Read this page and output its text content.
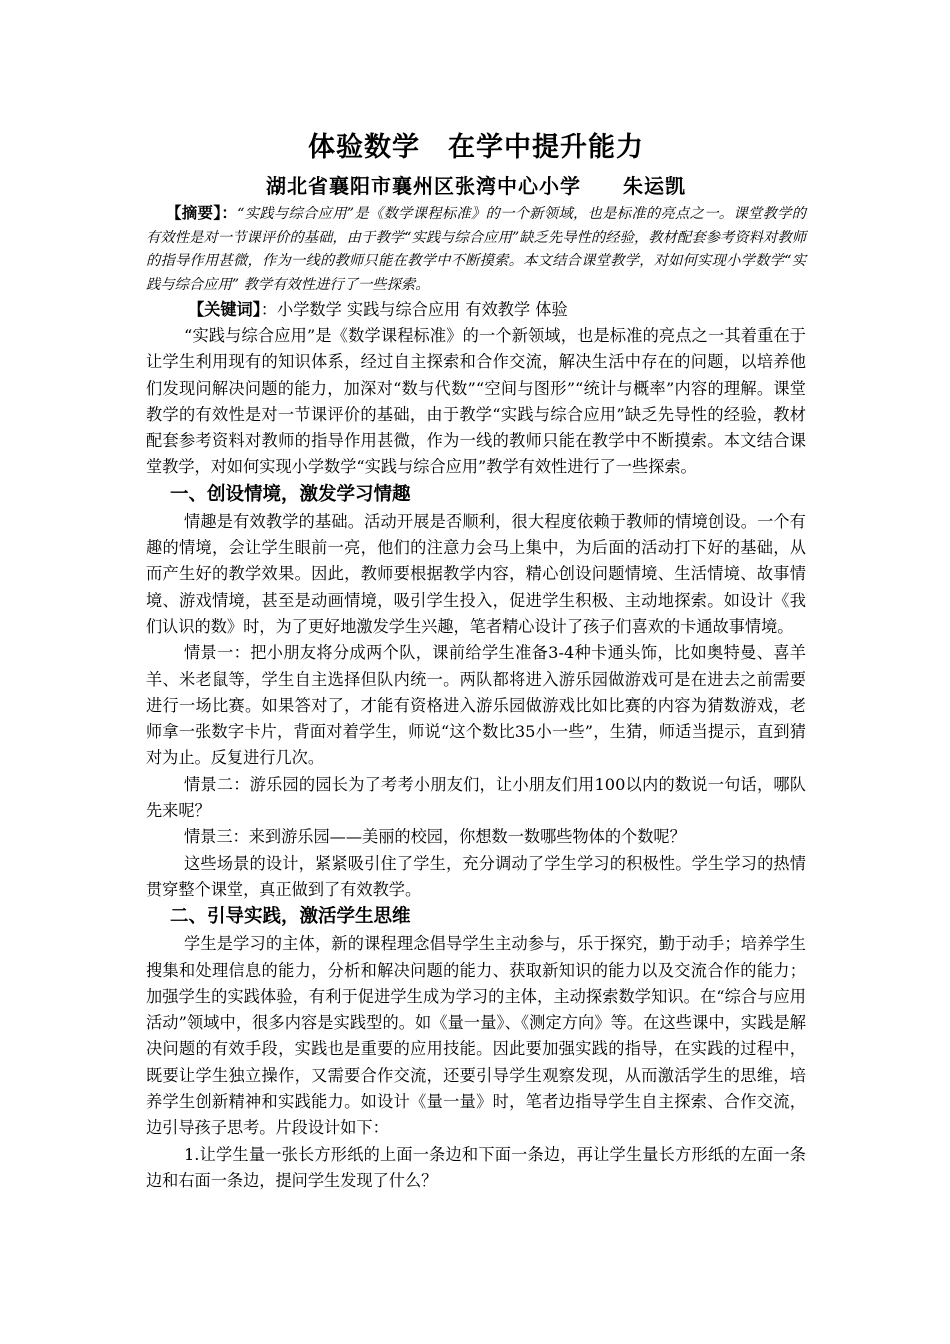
体验数学　在学中提升能力
湖北省襄阳市襄州区张湾中心小学　　朱运凯

【摘要】：“实践与综合应用”是《数学课程标准》的一个新领域，也是标准的亮点之一。课堂教学的有效性是对一节课评价的基础，由于教学“实践与综合应用”缺乏先导性的经验，教材配套参考资料对教师的指导作用甚微，作为一线的教师只能在教学中不断摸索。本文结合课堂教学，对如何实现小学数学“实践与综合应用” 教学有效性进行了一些探索。

【关键词】：小学数学 实践与综合应用 有效教学 体验

“实践与综合应用”是《数学课程标准》的一个新领域，也是标准的亮点之一其着重在于让学生利用现有的知识体系，经过自主探索和合作交流，解决生活中存在的问题，以培养他们发现问解决问题的能力，加深对“数与代数”“空间与图形”“统计与概率”内容的理解。课堂教学的有效性是对一节课评价的基础，由于教学“实践与综合应用”缺乏先导性的经验，教材配套参考资料对教师的指导作用甚微，作为一线的教师只能在教学中不断摸索。本文结合课堂教学，对如何实现小学数学“实践与综合应用”教学有效性进行了一些探索。

一、创设情境，激发学习情趣

情趣是有效教学的基础。活动开展是否顺利，很大程度依赖于教师的情境创设。一个有趣的情境，会让学生眼前一亮，他们的注意力会马上集中，为后面的活动打下好的基础，从而产生好的教学效果。因此，教师要根据教学内容，精心创设问题情境、生活情境、故事情境、游戏情境，甚至是动画情境，吸引学生投入，促进学生积极、主动地探索。如设计《我们认识的数》时，为了更好地激发学生兴趣，笔者精心设计了孩子们喜欢的卡通故事情境。

情景一：把小朋友将分成两个队，课前给学生准备3-4种卡通头饰，比如奥特曼、喜羊羊、米老鼠等，学生自主选择但队内统一。两队都将进入游乐园做游戏可是在进去之前需要进行一场比赛。如果答对了，才能有资格进入游乐园做游戏比如比赛的内容为猜数游戏，老师拿一张数字卡片，背面对着学生，师说“这个数比35小一些”，生猜，师适当提示，直到猜对为止。反复进行几次。

情景二：游乐园的园长为了考考小朋友们，让小朋友们用100以内的数说一句话，哪队先来呢？

情景三：来到游乐园——美丽的校园，你想数一数哪些物体的个数呢？

这些场景的设计，紧紧吸引住了学生，充分调动了学生学习的积极性。学生学习的热情贯穿整个课堂，真正做到了有效教学。

二、引导实践，激活学生思维

学生是学习的主体，新的课程理念倡导学生主动参与，乐于探究，勤于动手；培养学生搜集和处理信息的能力，分析和解决问题的能力、获取新知识的能力以及交流合作的能力；加强学生的实践体验，有利于促进学生成为学习的主体，主动探索数学知识。在“综合与应用活动”领域中，很多内容是实践型的。如《量一量》、《测定方向》等。在这些课中，实践是解决问题的有效手段，实践也是重要的应用技能。因此要加强实践的指导，在实践的过程中，既要让学生独立操作，又需要合作交流，还要引导学生观察发现，从而激活学生的思维，培养学生创新精神和实践能力。如设计《量一量》时，笔者边指导学生自主探索、合作交流，边引导孩子思考。片段设计如下：

1.让学生量一张长方形纸的上面一条边和下面一条边，再让学生量长方形纸的左面一条边和右面一条边，提问学生发现了什么？
